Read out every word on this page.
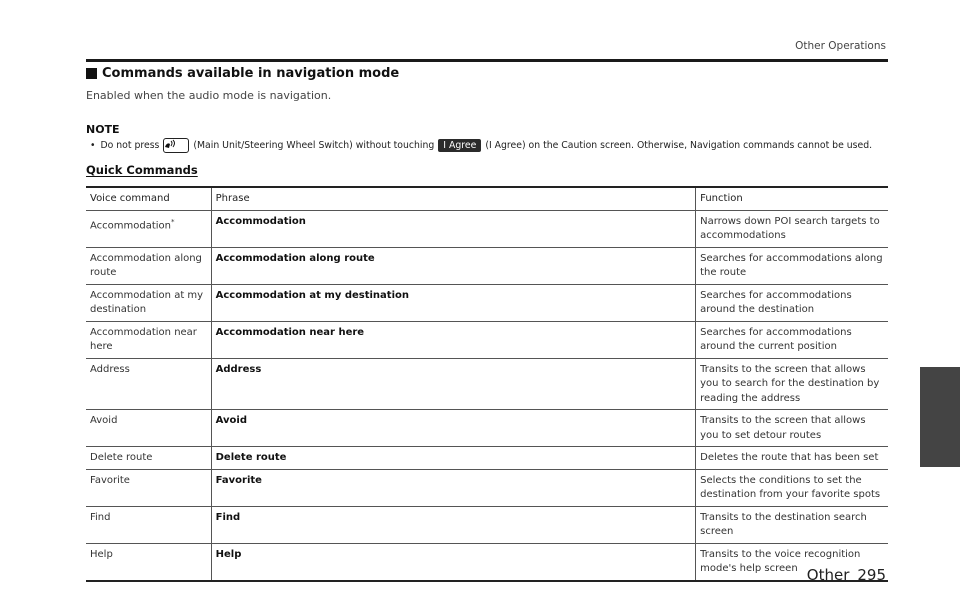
Other Operations
Commands available in navigation mode
Enabled when the audio mode is navigation.
NOTE
• Do not press	(Main Unit/Steering Wheel Switch) without touching I Agree (I Agree) on the Caution screen. Otherwise, Navigation commands cannot be used.
Quick Commands
Voice command	Phrase	Function
Accommodation*	Accommodation	Narrows down POI search targets to accommodations
Accommodation along route	Accommodation along route	Searches for accommodations along the route
Accommodation at my destination	Accommodation at my destination	Searches for accommodations around the destination
Accommodation near here	Accommodation near here	Searches for accommodations around the current position
Address	Address	Transits to the screen that allows you to search for the destination by reading the address
Avoid	Avoid	Transits to the screen that allows you to set detour routes
Delete route	Delete route	Deletes the route that has been set
Favorite	Favorite	Selects the conditions to set the destination from your favorite spots
Find	Find	Transits to the destination search screen
Help	Help	Transits to the voice recognition mode's help screen Other 295
